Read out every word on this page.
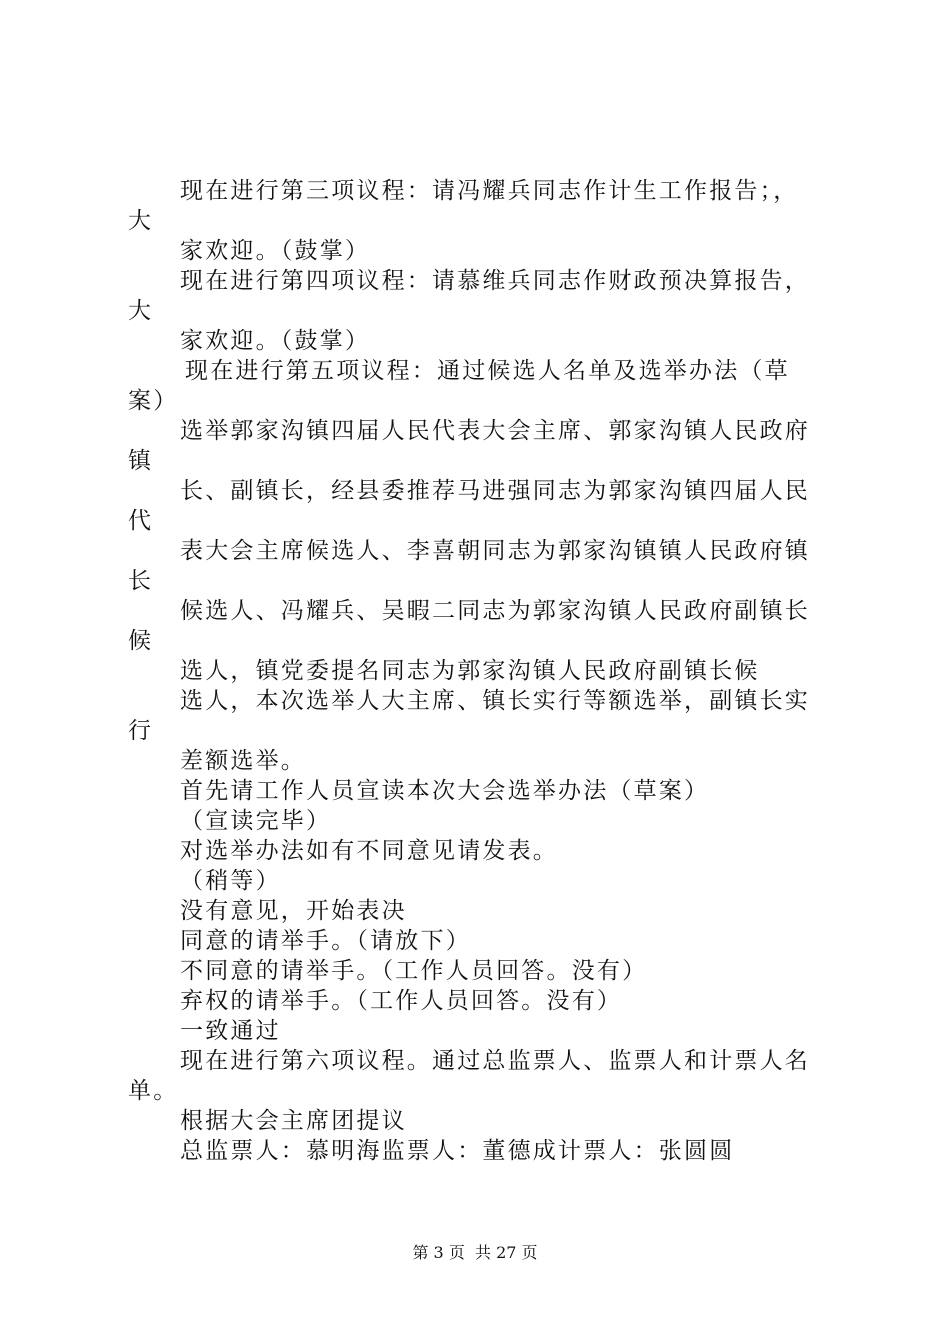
现在进行第三项议程：请冯耀兵同志作计生工作报告；，
大
家欢迎。（鼓掌）
现在进行第四项议程：请慕维兵同志作财政预决算报告，
大
家欢迎。（鼓掌）
现在进行第五项议程：通过候选人名单及选举办法（草
案）
选举郭家沟镇四届人民代表大会主席、郭家沟镇人民政府
镇
长、副镇长，经县委推荐马进强同志为郭家沟镇四届人民
代
表大会主席候选人、李喜朝同志为郭家沟镇镇人民政府镇
长
候选人、冯耀兵、吴暇二同志为郭家沟镇人民政府副镇长
候
选人，镇党委提名同志为郭家沟镇人民政府副镇长候
选人，本次选举人大主席、镇长实行等额选举，副镇长实
行
差额选举。
首先请工作人员宣读本次大会选举办法（草案）
（宣读完毕）
对选举办法如有不同意见请发表。
（稍等）
没有意见，开始表决
同意的请举手。（请放下）
不同意的请举手。（工作人员回答。没有）
弃权的请举手。（工作人员回答。没有）
一致通过
现在进行第六项议程。通过总监票人、监票人和计票人名
单。
根据大会主席团提议
总监票人：慕明海监票人：董德成计票人：张圆圆
第 3 页  共 27 页
